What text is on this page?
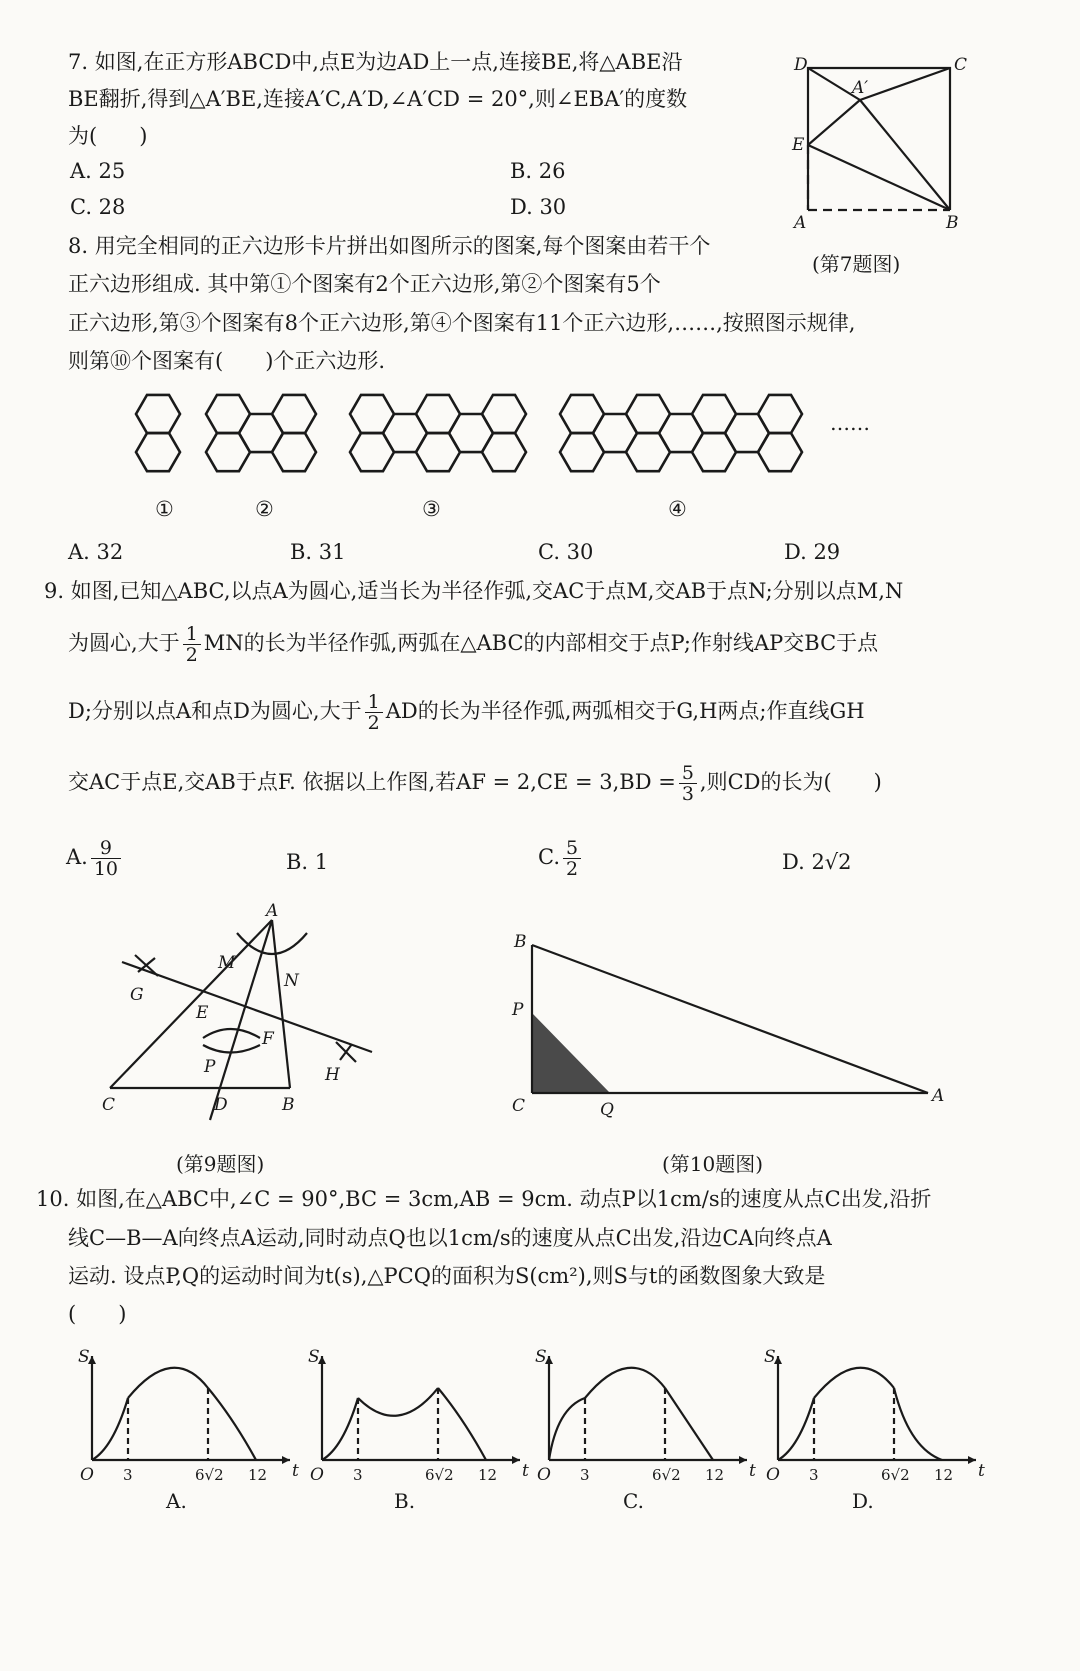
7. 如图,在正方形ABCD中,点E为边AD上一点,连接BE,将△ABE沿
BE翻折,得到△A′BE,连接A′C,A′D,∠A′CD = 20°,则∠EBA′的度数
为(　　)
A. 25	B. 26
C. 28	D. 30
D	C
A′
E
A	B
(第7题图)
8. 用完全相同的正六边形卡片拼出如图所示的图案,每个图案由若干个
正六边形组成. 其中第①个图案有2个正六边形,第②个图案有5个
正六边形,第③个图案有8个正六边形,第④个图案有11个正六边形,……,按照图示规律,
则第⑩个图案有(　　)个正六边形.
①	②	③	④
……
A. 32	B. 31	C. 30	D. 29
9. 如图,已知△ABC,以点A为圆心,适当长为半径作弧,交AC于点M,交AB于点N;分别以点M,N
为圆心,大于 $\frac{1}{2}$ MN的长为半径作弧,两弧在△ABC的内部相交于点P;作射线AP交BC于点
D;分别以点A和点D为圆心,大于 $\frac{1}{2}$ AD的长为半径作弧,两弧相交于G,H两点;作直线GH
交AC于点E,交AB于点F. 依据以上作图,若AF = $2,CE = 3,BD = \frac{5}{3}$ ,则CD的长为(　　)
A. $\frac{9}{10}$	B. 1	C. $\frac{5}{2}$	D. 2√2
A
M
N
G
E
F
P	H
C	D	B
(第9题图)
B
P
C	Q
A
(第10题图)
10. 如图,在△ABC中,∠C = 90°,BC = 3cm,AB = 9cm. 动点P以1cm/s的速度从点C出发,沿折
线C—B—A向终点A运动,同时动点Q也以1cm/s的速度从点C出发,沿边CA向终点A
运动. 设点P,Q的运动时间为t(s),△PCQ的面积为S(cm²),则S与t的函数图象大致是
(　　)
S
t
O 3	6√2 12
A.
S
t
O 3	6√2 12
B.
S
t
O 3	6√2 12
C.
S
t
O 3	6√2 12
D.
